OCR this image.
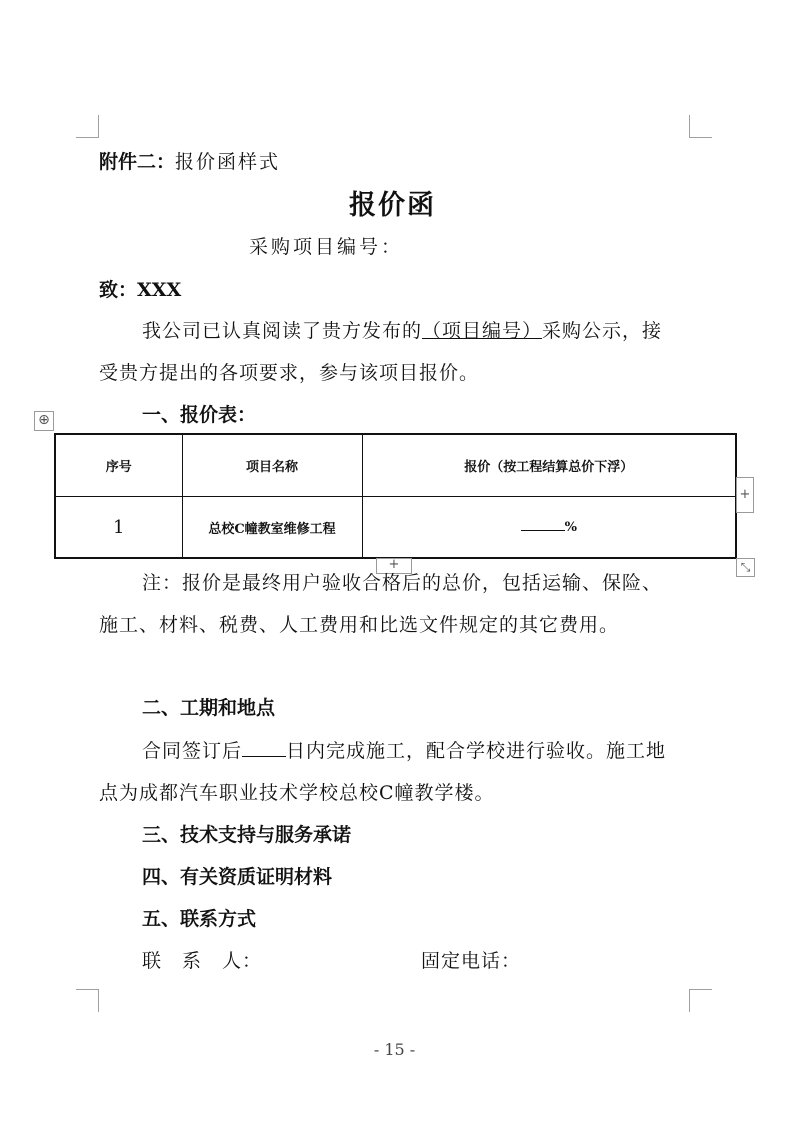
附件二：报价函样式
报价函
采购项目编号：
致：XXX
我公司已认真阅读了贵方发布的（项目编号）采购公示，接
受贵方提出的各项要求，参与该项目报价。
一、报价表：
⊕
序号	项目名称	报价（按工程结算总价下浮）
1	总校C幢教室维修工程	%
+
+	⤡
注：报价是最终用户验收合格后的总价，包括运输、保险、
施工、材料、税费、人工费用和比选文件规定的其它费用。
二、工期和地点
合同签订后 日内完成施工，配合学校进行验收。施工地
点为成都汽车职业技术学校总校C幢教学楼。
三、技术支持与服务承诺
四、有关资质证明材料
五、联系方式
联　系　人：	固定电话：
- 15 -
